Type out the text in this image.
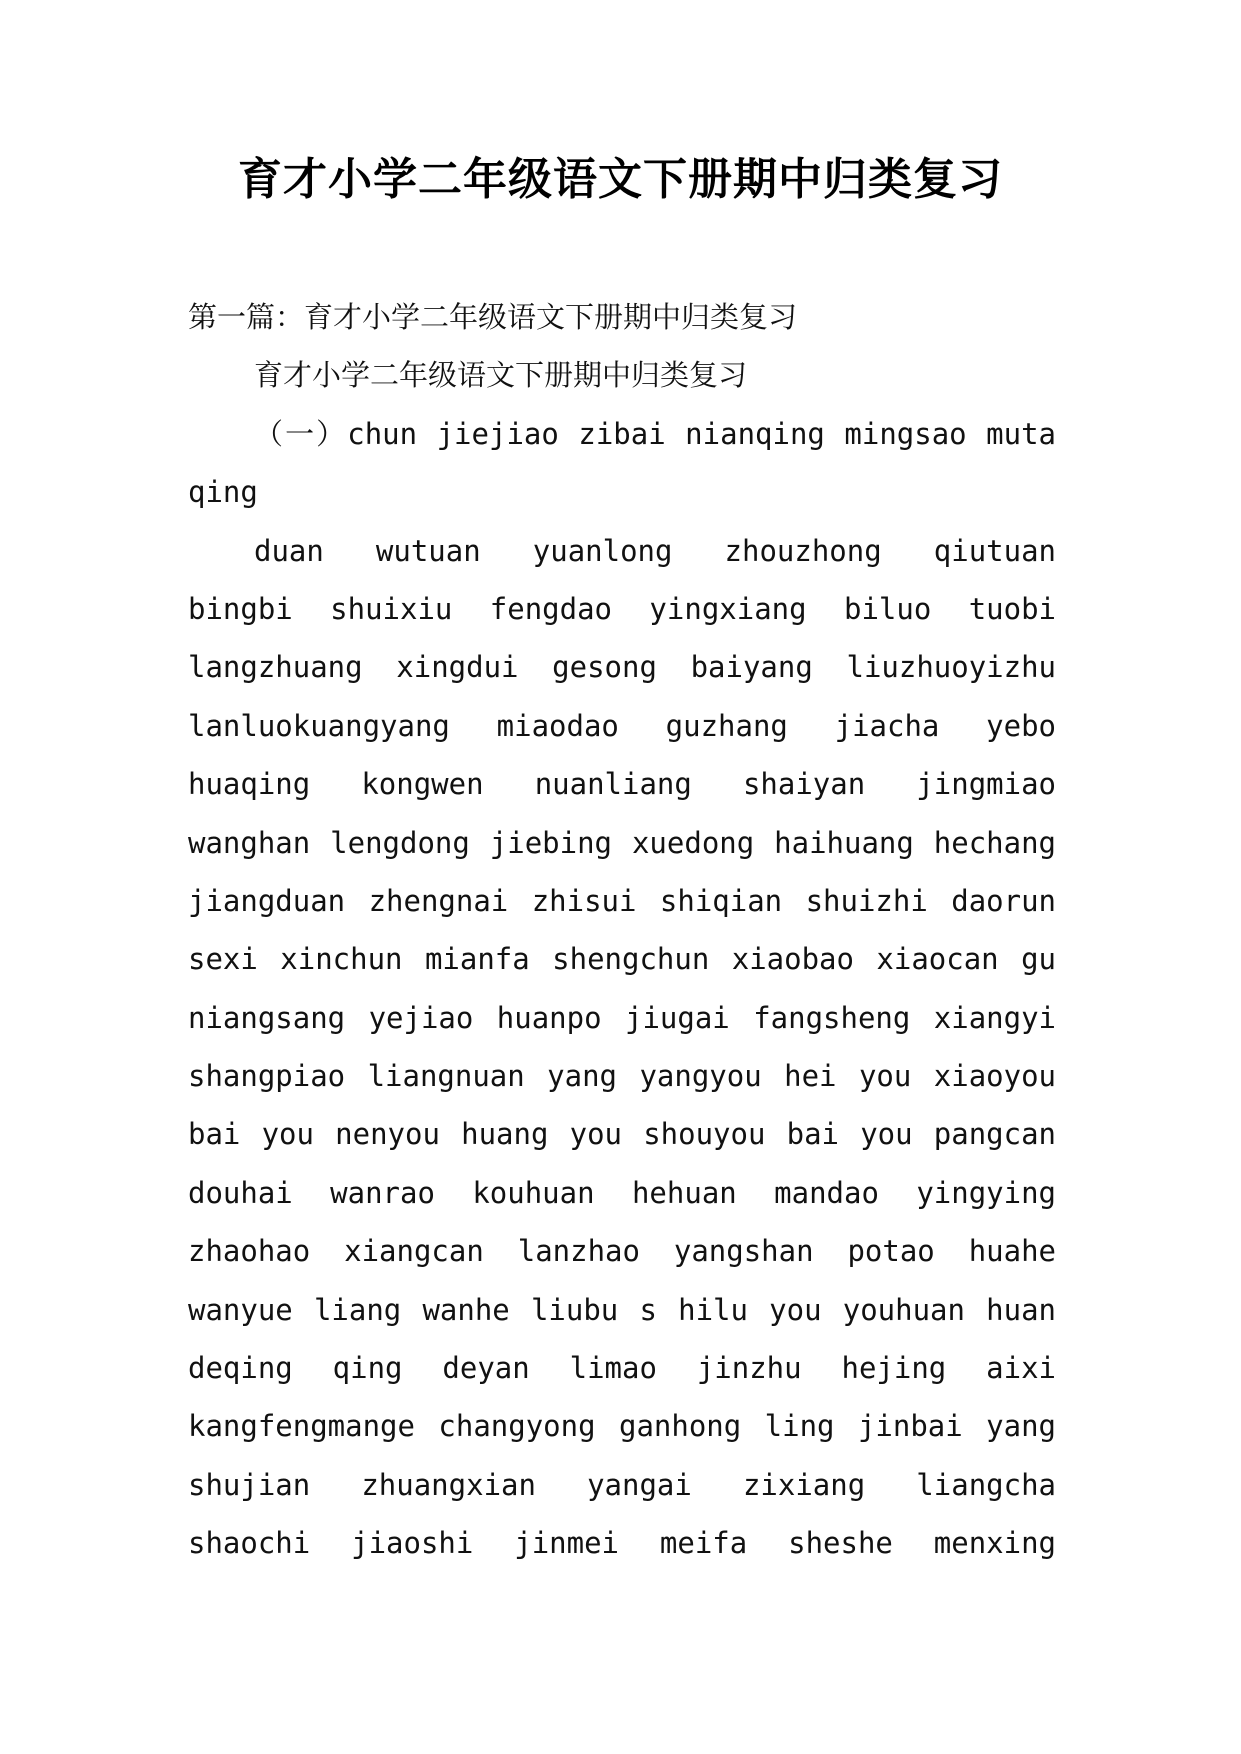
育才小学二年级语文下册期中归类复习
第一篇：育才小学二年级语文下册期中归类复习
育才小学二年级语文下册期中归类复习
（一）chun jiejiao zibai nianqing mingsao muta
qing
duan wutuan yuanlong zhouzhong qiutuan
bingbi shuixiu fengdao yingxiang biluo tuobi
langzhuang xingdui gesong baiyang liuzhuoyizhu
lanluokuangyang miaodao guzhang jiacha yebo
huaqing kongwen nuanliang shaiyan jingmiao
wanghan lengdong jiebing xuedong haihuang hechang
jiangduan zhengnai zhisui shiqian shuizhi daorun
sexi xinchun mianfa shengchun xiaobao xiaocan gu
niangsang yejiao huanpo jiugai fangsheng xiangyi
shangpiao liangnuan yang yangyou hei you xiaoyou
bai you nenyou huang you shouyou bai you pangcan
douhai wanrao kouhuan hehuan mandao yingying
zhaohao xiangcan lanzhao yangshan potao huahe
wanyue liang wanhe liubu s hilu you youhuan huan
deqing qing deyan limao jinzhu hejing aixi
kangfengmange changyong ganhong ling jinbai yang
shujian zhuangxian yangai zixiang liangcha
shaochi jiaoshi jinmei meifa sheshe menxing
